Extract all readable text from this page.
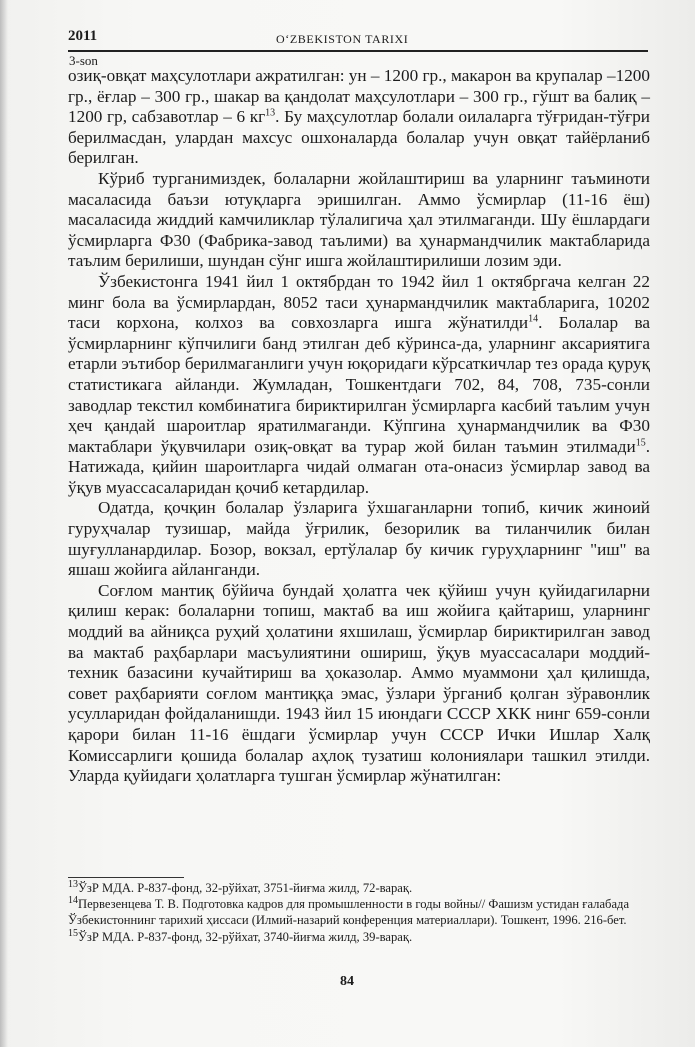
2011	O‘ZBEKISTON TARIXI
3-son

озиқ-овқат маҳсулотлари ажратилган: ун – 1200 гр., макарон ва крупалар –1200 гр., ёғлар – 300 гр., шакар ва қандолат маҳсулотлари – 300 гр., гўшт ва балиқ – 1200 гр, сабзавотлар – 6 $кг^{13}$. Бу маҳсулотлар болали оилаларга тўғридан-тўғри берилмасдан, улардан махсус ошхоналарда болалар учун овқат тайёрланиб берилган.

Кўриб турганимиздек, болаларни жойлаштириш ва уларнинг таъминоти масаласида баъзи ютуқларга эришилган. Аммо ўсмирлар (11-16 ёш) масаласида жиддий камчиликлар тўлалигича ҳал этилмаганди. Шу ёшлардаги ўсмирларга Ф30 (Фабрика-завод таълими) ва ҳунармандчилик мактабларида таълим берилиши, шундан сўнг ишга жойлаштирилиши лозим эди.

Ўзбекистонга 1941 йил 1 октябрдан то 1942 йил 1 октябргача келган 22 минг бола ва ўсмирлардан, 8052 таси ҳунармандчилик мактабларига, 10202 таси корхона, колхоз ва совхозларга ишга жўнатилди$^{14}$. Болалар ва ўсмирларнинг кўпчилиги банд этилган деб кўринса-да, уларнинг аксариятига етарли эътибор берилмаганлиги учун юқоридаги кўрсаткичлар тез орада қуруқ статистикага айланди. Жумладан, Тошкентдаги 702, 84, 708, 735-сонли заводлар текстил комбинатига бириктирилган ўсмирларга касбий таълим учун ҳеч қандай шароитлар яратилмаганди. Кўпгина ҳунармандчилик ва Ф30 мактаблари ўқувчилари озиқ-овқат ва турар жой билан таъмин этилмади$^{15}$. Натижада, қийин шароитларга чидай олмаган ота-онасиз ўсмирлар завод ва ўқув муассасаларидан қочиб кетардилар.

Одатда, қочқин болалар ўзларига ўхшаганларни топиб, кичик жиноий гуруҳчалар тузишар, майда ўғрилик, безорилик ва тиланчилик билан шуғулланардилар. Бозор, вокзал, ертўлалар бу кичик гуруҳларнинг "иш" ва яшаш жойига айланганди.

Соғлом мантиқ бўйича бундай ҳолатга чек қўйиш учун қуйидагиларни қилиш керак: болаларни топиш, мактаб ва иш жойига қайтариш, уларнинг моддий ва айниқса руҳий ҳолатини яхшилаш, ўсмирлар бириктирилган завод ва мактаб раҳбарлари масъулиятини ошириш, ўқув муассасалари моддий-техник базасини кучайтириш ва ҳоказолар. Аммо муаммони ҳал қилишда, совет раҳбарияти соғлом мантиққа эмас, ўзлари ўрганиб қолган зўравонлик усулларидан фойдаланишди. 1943 йил 15 июндаги СССР ХКК нинг 659-сонли қарори билан 11-16 ёшдаги ўсмирлар учун СССР Ички Ишлар Халқ Комиссарлиги қошида болалар аҳлоқ тузатиш колониялари ташкил этилди. Уларда қуйидаги ҳолатларга тушган ўсмирлар жўнатилган:

$^{13}$ЎзР МДА. Р-837-фонд, 32-рўйхат, 3751-йиғма жилд, 72-варақ.

$^{14}$Первезенцева Т. В. Подготовка кадров для промышленности в годы войны// Фашизм устидан ғалабада Ўзбекистоннинг тарихий ҳиссаси (Илмий-назарий конференция материаллари). Тошкент, 1996. 216-бет.

$^{15}$ЎзР МДА. Р-837-фонд, 32-рўйхат, 3740-йиғма жилд, 39-варақ.

84
